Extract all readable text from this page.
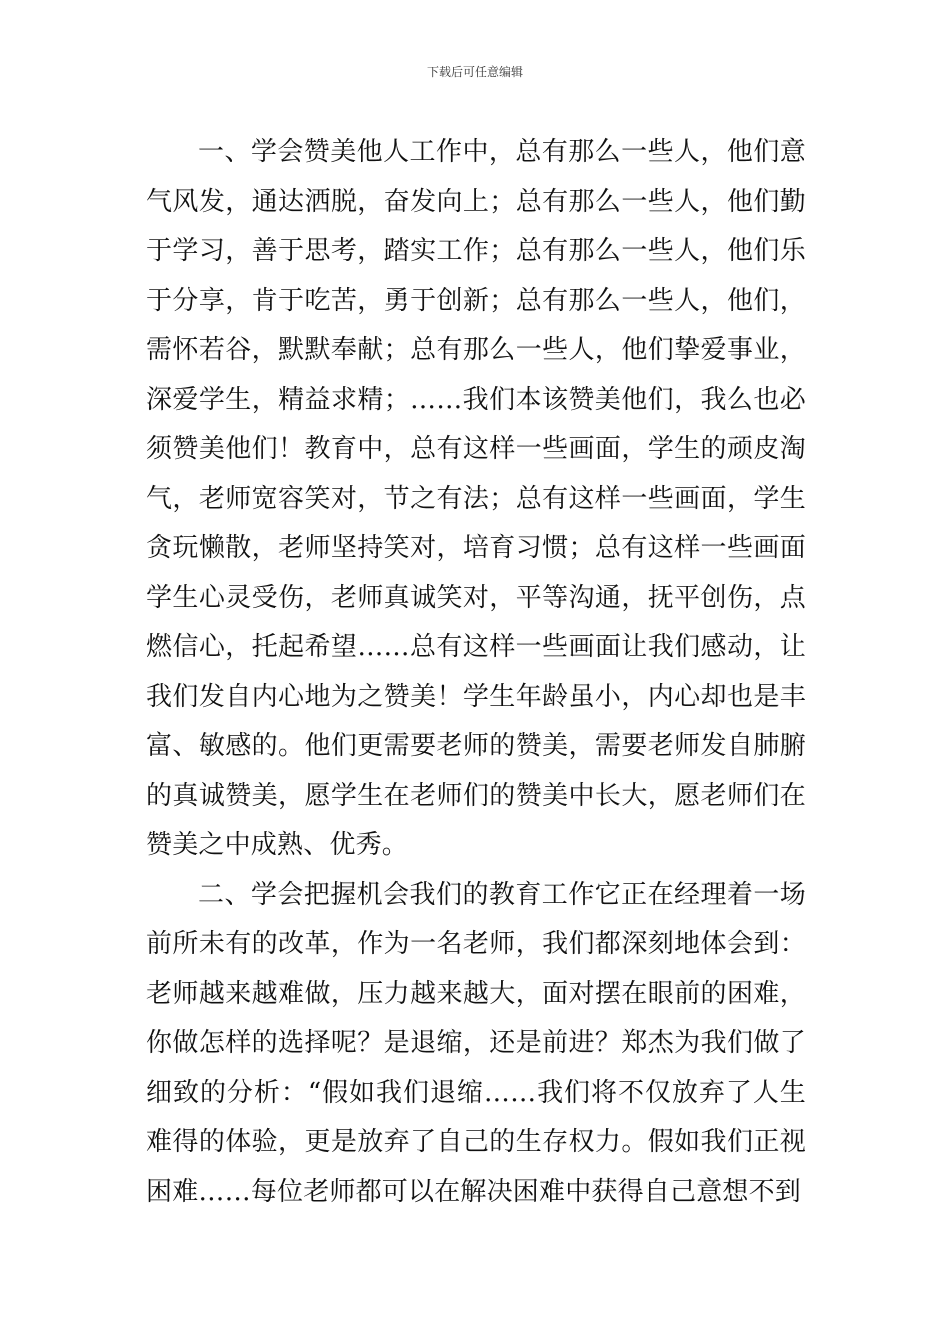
下载后可任意编辑

一、学会赞美他人工作中，总有那么一些人，他们意气风发，通达洒脱，奋发向上；总有那么一些人，他们勤于学习，善于思考，踏实工作；总有那么一些人，他们乐于分享，肯于吃苦，勇于创新；总有那么一些人，他们，需怀若谷，默默奉献；总有那么一些人，他们挚爱事业，深爱学生，精益求精；……我们本该赞美他们，我么也必须赞美他们！教育中，总有这样一些画面，学生的顽皮淘气，老师宽容笑对，节之有法；总有这样一些画面，学生贪玩懒散，老师坚持笑对，培育习惯；总有这样一些画面学生心灵受伤，老师真诚笑对，平等沟通，抚平创伤，点燃信心，托起希望……总有这样一些画面让我们感动，让我们发自内心地为之赞美！学生年龄虽小，内心却也是丰富、敏感的。他们更需要老师的赞美，需要老师发自肺腑的真诚赞美，愿学生在老师们的赞美中长大，愿老师们在赞美之中成熟、优秀。

二、学会把握机会我们的教育工作它正在经理着一场前所未有的改革，作为一名老师，我们都深刻地体会到：老师越来越难做，压力越来越大，面对摆在眼前的困难，你做怎样的选择呢？是退缩，还是前进？郑杰为我们做了细致的分析：“假如我们退缩……我们将不仅放弃了人生难得的体验，更是放弃了自己的生存权力。假如我们正视困难……每位老师都可以在解决困难中获得自己意想不到
